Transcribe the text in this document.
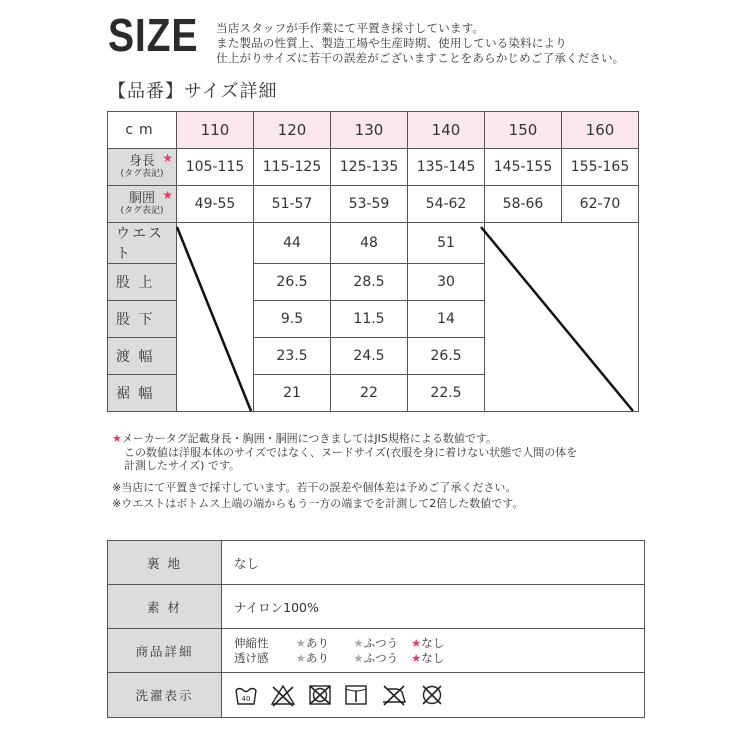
SIZE 当店スタッフが手作業にて平置き採寸しています。
また製品の性質上、製造工場や生産時期、使用している染料により
仕上がりサイズに若干の誤差がございますことをあらかじめご了承ください。
【品番】サイズ詳細
cm	110	120	130	140	150	160

★
身長
(タグ表記)	105-115	115-125	125-135	135-145	145-155	155-165

★
胴囲
(タグ表記)	49-55	51-57	53-59	54-62	58-66	62-70
ウエスト		44	48	51		
股 上		26.5	28.5	30		
股 下		9.5	11.5	14		
渡 幅		23.5	24.5	26.5		
裾 幅		21	22	22.5		
★メーカータグ記載身長・胸囲・胴囲につきましてはJIS規格による数値です。
この数値は洋服本体のサイズではなく、ヌードサイズ(衣服を身に着けない状態で人間の体を
計測したサイズ) です。
※当店にて平置きで採寸しています。若干の誤差や個体差は予めご了承ください。
※ウエストはボトムス上端の端からもう一方の端までを計測して2倍した数値です。
裏 地	なし
素 材	ナイロン100%
商品詳細	伸縮性 ★あり ★ふつう ★なし
透け感 ★あり ★ふつう ★なし

洗濯表示	40
